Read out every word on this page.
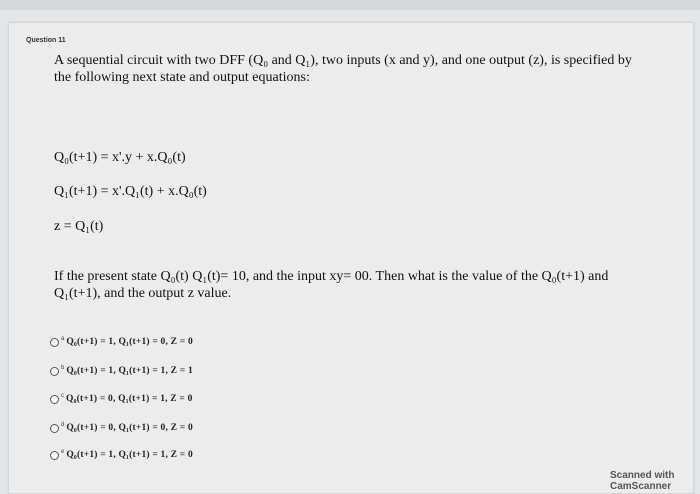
Question 11
A sequential circuit with two DFF (Q₀ and Q₁), two inputs (x and y), and one output (z), is specified by the following next state and output equations:
Q₀(t+1) = x'.y + x.Q₀(t)
Q₁(t+1) = x'.Q₁(t) + x.Q₀(t)
z = Q₁(t)
If the present state Q₀(t) Q₁(t)= 10, and the input xy= 00. Then what is the value of the Q₀(t+1) and Q₁(t+1), and the output z value.
a Q₀(t+1) = 1, Q₁(t+1) = 0, Z = 0
b Q₀(t+1) = 1, Q₁(t+1) = 1, Z = 1
c Q₀(t+1) = 0, Q₁(t+1) = 1, Z = 0
d Q₀(t+1) = 0, Q₁(t+1) = 0, Z = 0
e Q₀(t+1) = 1, Q₁(t+1) = 1, Z = 0
Scanned with CamScanner
